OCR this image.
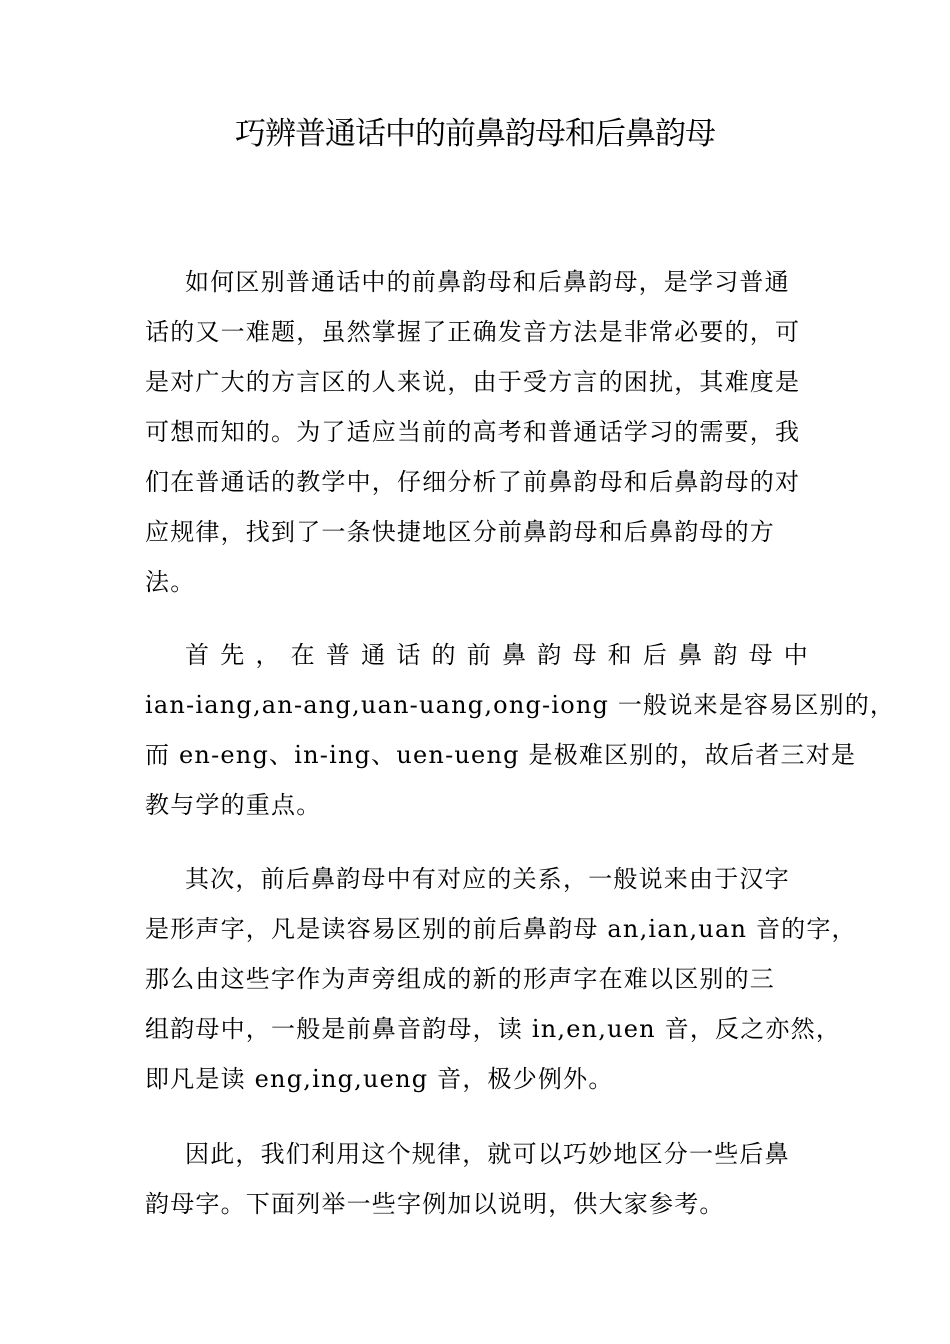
巧辨普通话中的前鼻韵母和后鼻韵母
如何区别普通话中的前鼻韵母和后鼻韵母，是学习普通
话的又一难题，虽然掌握了正确发音方法是非常必要的，可
是对广大的方言区的人来说，由于受方言的困扰，其难度是
可想而知的。为了适应当前的高考和普通话学习的需要，我
们在普通话的教学中，仔细分析了前鼻韵母和后鼻韵母的对
应规律，找到了一条快捷地区分前鼻韵母和后鼻韵母的方
法。
首 先 ， 在 普 通 话 的 前 鼻 韵 母 和 后 鼻 韵 母 中
ian-iang,an-ang,uan-uang,ong-iong 一般说来是容易区别的，
而 en-eng、in-ing、uen-ueng 是极难区别的，故后者三对是
教与学的重点。
其次，前后鼻韵母中有对应的关系，一般说来由于汉字
是形声字，凡是读容易区别的前后鼻韵母 an,ian,uan 音的字，
那么由这些字作为声旁组成的新的形声字在难以区别的三
组韵母中，一般是前鼻音韵母，读 in,en,uen 音，反之亦然，
即凡是读 eng,ing,ueng 音，极少例外。
因此，我们利用这个规律，就可以巧妙地区分一些后鼻
韵母字。下面列举一些字例加以说明，供大家参考。
